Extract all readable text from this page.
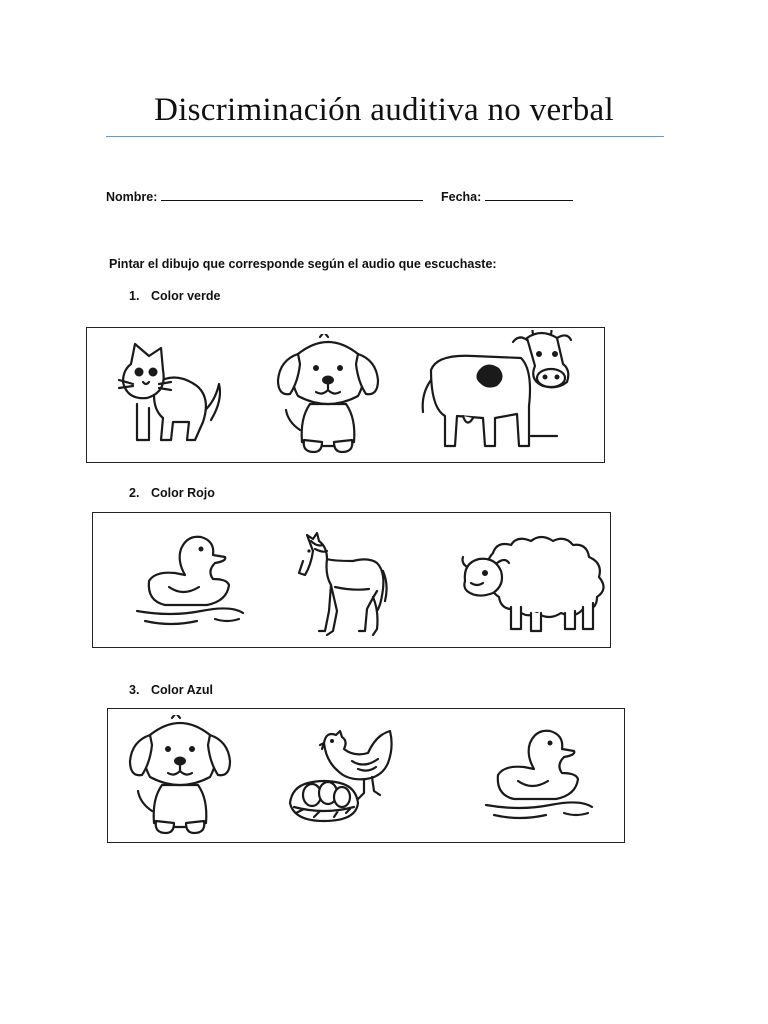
Discriminación auditiva no verbal
Nombre:	Fecha:
Pintar el dibujo que corresponde según el audio que escuchaste:
1. Color verde
2. Color Rojo
3. Color Azul
